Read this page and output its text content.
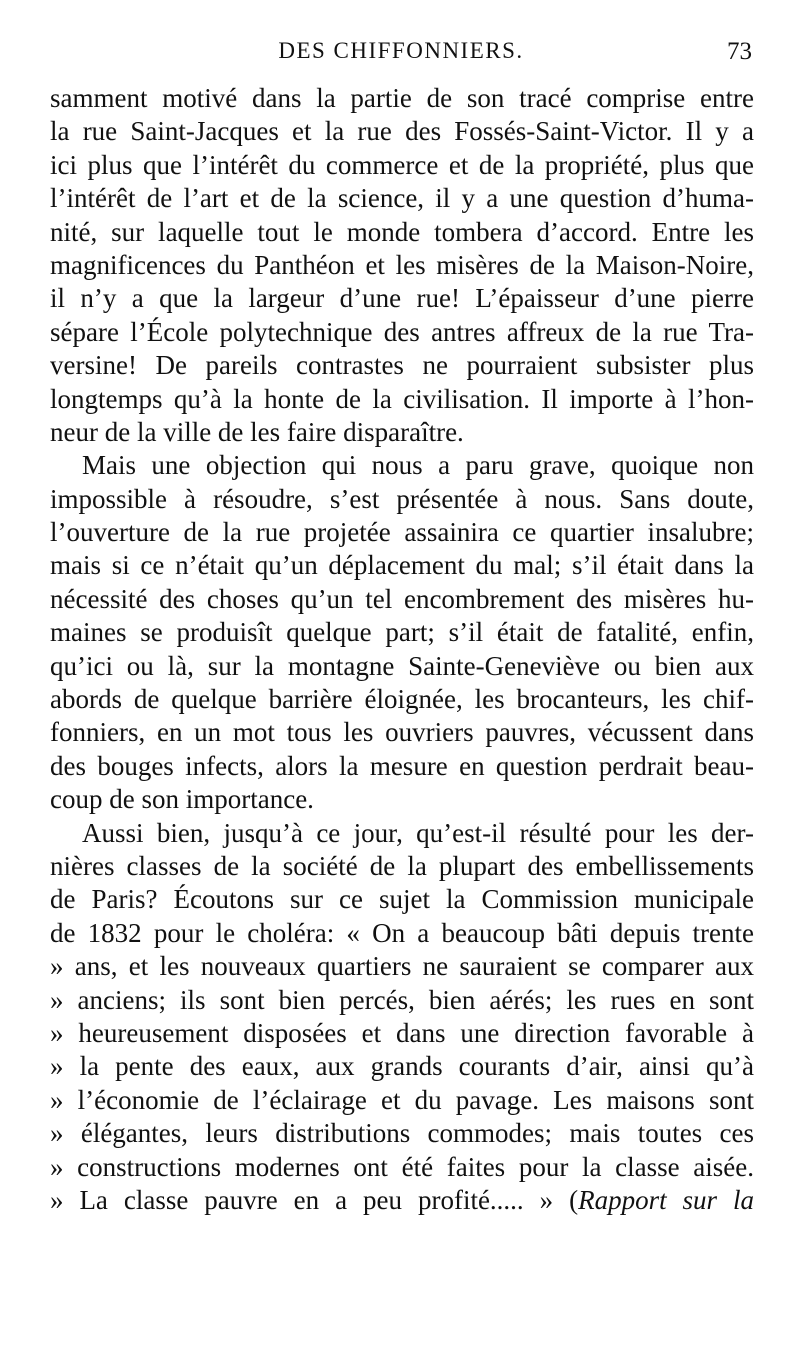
DES CHIFFONNIERS.	73
samment motivé dans la partie de son tracé comprise entre
la rue Saint-Jacques et la rue des Fossés-Saint-Victor. Il y a
ici plus que l’intérêt du commerce et de la propriété, plus que
l’intérêt de l’art et de la science, il y a une question d’huma-
nité, sur laquelle tout le monde tombera d’accord. Entre les
magnificences du Panthéon et les misères de la Maison-Noire,
il n’y a que la largeur d’une rue! L’épaisseur d’une pierre
sépare l’École polytechnique des antres affreux de la rue Tra-
versine! De pareils contrastes ne pourraient subsister plus
longtemps qu’à la honte de la civilisation. Il importe à l’hon-
neur de la ville de les faire disparaître.
Mais une objection qui nous a paru grave, quoique non
impossible à résoudre, s’est présentée à nous. Sans doute,
l’ouverture de la rue projetée assainira ce quartier insalubre;
mais si ce n’était qu’un déplacement du mal; s’il était dans la
nécessité des choses qu’un tel encombrement des misères hu-
maines se produisît quelque part; s’il était de fatalité, enfin,
qu’ici ou là, sur la montagne Sainte-Geneviève ou bien aux
abords de quelque barrière éloignée, les brocanteurs, les chif-
fonniers, en un mot tous les ouvriers pauvres, vécussent dans
des bouges infects, alors la mesure en question perdrait beau-
coup de son importance.
Aussi bien, jusqu’à ce jour, qu’est-il résulté pour les der-
nières classes de la société de la plupart des embellissements
de Paris? Écoutons sur ce sujet la Commission municipale
de 1832 pour le choléra: « On a beaucoup bâti depuis trente
» ans, et les nouveaux quartiers ne sauraient se comparer aux
» anciens; ils sont bien percés, bien aérés; les rues en sont
» heureusement disposées et dans une direction favorable à
» la pente des eaux, aux grands courants d’air, ainsi qu’à
» l’économie de l’éclairage et du pavage. Les maisons sont
» élégantes, leurs distributions commodes; mais toutes ces
» constructions modernes ont été faites pour la classe aisée.
» La classe pauvre en a peu profité..... » (Rapport sur la
